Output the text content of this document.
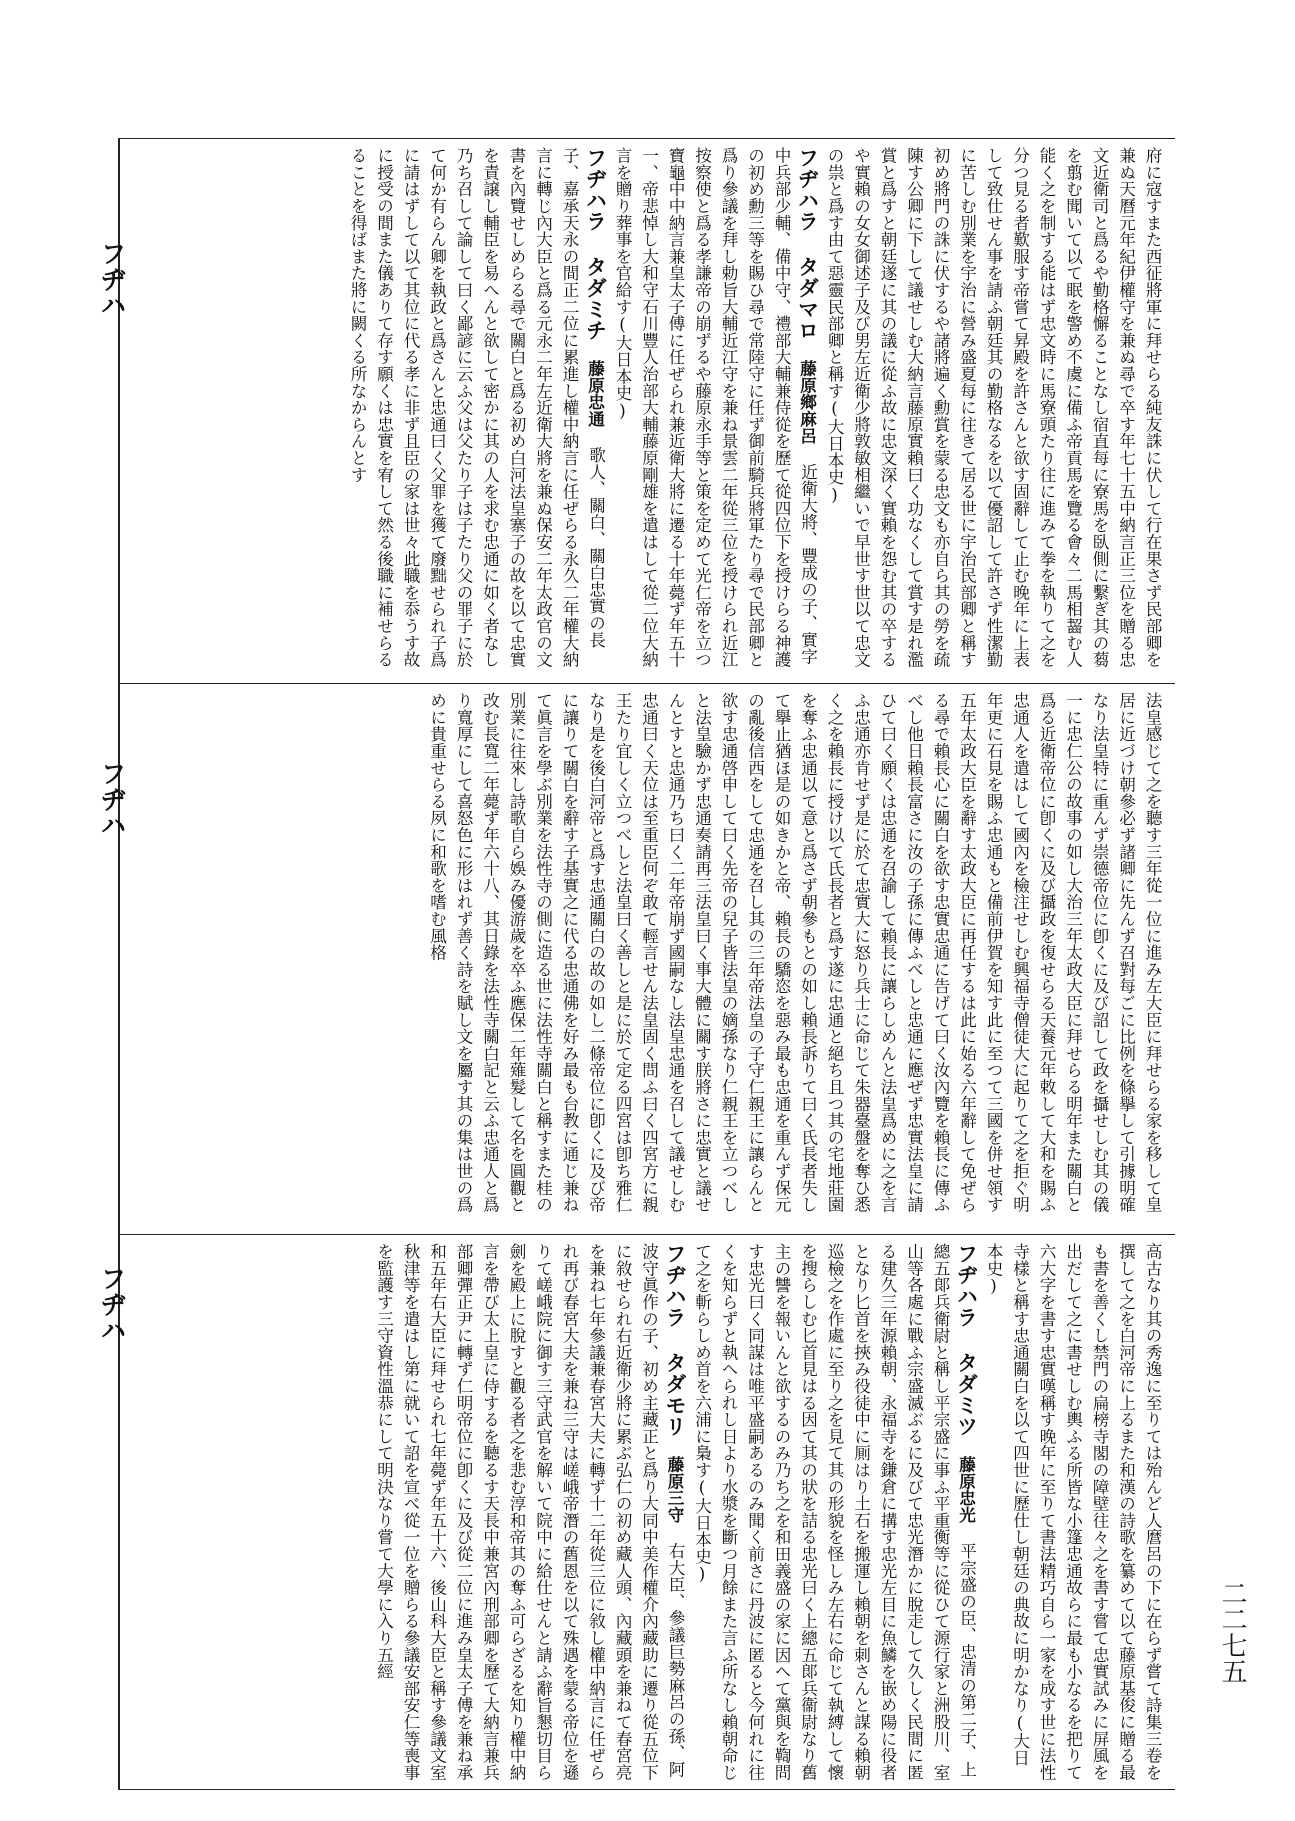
府に寇すまた西征將軍に拜せらる純友誅に伏して行在果さず民部卿を兼ぬ天曆元年紀伊權守を兼ぬ尋で卒す年七十五中納言正三位を贈る忠文近衛司と爲るや勤格懈ることなし宿直每に寮馬を臥側に繫ぎ其の蒭を翦む聞いて以て眠を警め不虞に備ふ帝貢馬を覽る會々二馬相齧む人能く之を制する能はず忠文時に馬寮頭たり往に進みて拳を執りて之を分つ見る者歎服す帝嘗て昇殿を許さんと欲す固辭して止む晚年に上表して致仕せん事を請ふ朝廷其の勤格なるを以て優詔して許さず性潔勤に苦しむ別業を宇治に營み盛夏每に往きて居る世に宇治民部卿と稱す初め將門の誅に伏するや諸將遍く勳賞を蒙る忠文も亦自ら其の勞を疏陳す公卿に下して議せしむ大納言藤原實賴曰く功なくして賞す是れ濫賞と爲すと朝廷遂に其の議に從ふ故に忠文深く實賴を怨む其の卒するや實賴の女女御述子及び男左近衛少將敦敏相繼いで早世す世以て忠文の祟と爲す由て惡靈民部卿と稱す(大日本史)

フヂハラ タダマロ 藤原鄉麻呂 近衛大將、豐成の子、實字中兵部少輔、備中守、禮部大輔兼侍從を歷て從四位下を授けらる神護の初め勳三等を賜ひ尋で常陸守に任ず御前騎兵將軍たり尋で民部卿と爲り參議を拜し勅旨大輔近江守を兼ね景雲二年從三位を授けられ近江按察使と爲る孝謙帝の崩ずるや藤原永手等と策を定めて光仁帝を立つ寶龜中中納言兼皇太子傅に任ぜられ兼近衛大將に遷る十年薨ず年五十一、帝悲悼し大和守石川豐人治部大輔藤原剛雄を遣はして從二位大納言を贈り葬事を官給す(大日本史)

フヂハラ タダミチ 藤原忠通 歌人、關白、關白忠實の長子、嘉承天永の間正二位に累進し權中納言に任ぜらる永久二年權大納言に轉じ內大臣と爲る元永二年左近衛大將を兼ぬ保安二年太政官の文書を內覽せしめらる尋で關白と爲る初め白河法皇寨子の故を以て忠實を責譲し輔臣を易へんと欲して密かに其の人を求む忠通に如く者なし乃ち召して論して曰く鄙諺に云ふ父は父たり子は子たり父の罪子に於て何か有らん卿を執政と爲さんと忠通曰く父罪を獲て廢黜せられ子爲に請はずして以て其位に代る孝に非ず且臣の家は世々此職を忝うす故に授受の間また儀ありて存す願くは忠實を宥して然る後職に補せらるることを得ばまた將に闕くる所なからんとす

法皇感じて之を聽す三年從一位に進み左大臣に拜せらる家を移して皇居に近づけ朝參必ず諸卿に先んず召對每ごに比例を條擧して引據明確なり法皇特に重んず崇德帝位に卽くに及び詔して政を攝せしむ其の儀一に忠仁公の故事の如し大治三年太政大臣に拜せらる明年また關白と爲る近衛帝位に卽くに及び攝政を復せらる天養元年敕して大和を賜ふ忠通人を遣はして國內を檢注せしむ興福寺僧徒大に起りて之を拒ぐ明年更に石見を賜ふ忠通もと備前伊賀を知す此に至つて三國を併せ領す五年太政大臣を辭す太政大臣に再任するは此に始る六年辭して免ぜらる尋で賴長心に關白を欲す忠實忠通に告げて曰く汝內覽を賴長に傳ふべし他日賴長富さに汝の子孫に傳ふべしと忠通に應ぜず忠實法皇に請ひて曰く願くは忠通を召諭して賴長に讓らしめんと法皇爲めに之を言ふ忠通亦肯せず是に於て忠實大に怒り兵士に命じて朱器臺盤を奪ひ悉く之を賴長に授け以て氏長者と爲す遂に忠通と絕ち且つ其の宅地莊園を奪ふ忠通以て意と爲さず朝參もとの如し賴長訴りて曰く氏長者失して擧止猶ほ是の如きかと帝、賴長の驕恣を惡み最も忠通を重んず保元の亂後信西をして忠通を召し其の三年帝法皇の子守仁親王に讓らんと欲す忠通啓申して曰く先帝の兒子皆法皇の嫡孫なり仁親王を立つべしと法皇驗かず忠通奏請再三法皇曰く事大體に關す朕將さに忠實と議せんとすと忠通乃ち曰く二年帝崩ず國嗣なし法皇忠通を召して議せしむ忠通曰く天位は至重臣何ぞ敢て輕言せん法皇固く問ふ曰く四宮方に親王たり宜しく立つべしと法皇曰く善しと是に於て定る四宮は卽ち雅仁なり是を後白河帝と爲す忠通關白の故の如し二條帝位に卽くに及び帝に讓りて關白を辭す子基實之に代る忠通佛を好み最も台教に通じ兼ねて眞言を學ぶ別業を法性寺の側に造る世に法性寺關白と稱すまた桂の別業に往來し詩歌自ら娛み優游歲を卒ふ應保二年薙髮して名を圓觀と改む長寬二年薨ず年六十八、其日錄を法性寺關白記と云ふ忠通人と爲り寬厚にして喜怒色に形はれず善く詩を賦し文を屬す其の集は世の爲めに貴重せらる夙に和歌を嗜む風格

高古なり其の秀逸に至りては殆んど人麿呂の下に在らず嘗て詩集三卷を撰して之を白河帝に上るまた和漢の詩歌を纂めて以て藤原基俊に贈る最も書を善くし禁門の扁榜寺閣の障壁往々之を書す嘗て忠實試みに屏風を出だして之に書せしむ輿ふる所皆な小篷忠通故らに最も小なるを把りて六大字を書す忠實嘆稱す晚年に至りて書法精巧自ら一家を成す世に法性寺樣と稱す忠通關白を以て四世に歷仕し朝廷の典故に明かなり(大日本史)

フヂハラ タダミツ 藤原忠光 平宗盛の臣、忠清の第二子、上總五郞兵衛尉と稱し平宗盛に事ふ平重衡等に從ひて源行家と洲股川、室山等各處に戰ふ宗盛滅ぶるに及びて忠光潛かに脫走して久しく民間に匿る建久三年源賴朝、永福寺を鎌倉に搆す忠光左目に魚鱗を嵌め陽に役者となり匕首を挾み役徒中に厠はり土石を搬運し賴朝を刺さんと謀る賴朝巡檢之を作處に至り之を見て其の形貌を怪しみ左右に命じて執縛して懷を搜らしむ匕首見はる因て其の狀を詰る忠光曰く上總五郞兵衞尉なり舊主の讐を報いんと欲するのみ乃ち之を和田義盛の家に因へて黨與を鞫問す忠光曰く同謀は唯平盛嗣あるのみ聞く前さに丹波に匿ると今何れに往くを知らずと執へられし日より水漿を斷つ月餘また言ふ所なし賴朝命じて之を斬らしめ首を六浦に梟す(大日本史)

フヂハラ タダモリ 藤原三守 右大臣、參議巨勢麻呂の孫、阿波守眞作の子、初め主藏正と爲り大同中美作權介內藏助に遷り從五位下に敘せられ右近衛少將に累ぶ弘仁の初め藏人頭、內藏頭を兼ねて春宮亮を兼ね七年參議兼春宮大夫に轉ず十二年從三位に敘し權中納言に任ぜられ再び春宮大夫を兼ね三守は嵯峨帝潛の舊恩を以て殊遇を蒙る帝位を遜りて嵯峨院に御す三守武官を解いて院中に給仕せんと請ふ辭旨懇切目ら劍を殿上に脫すと觀る者之を悲む淳和帝其の奪ふ可らざるを知り權中納言を帶び太上皇に侍するを聽るす天長中兼宮內刑部卿を歷て大納言兼兵部卿彈正尹に轉ず仁明帝位に卽くに及び從二位に進み皇太子傅を兼ね承和五年右大臣に拜せられ七年薨ず年五十六、後山科大臣と稱す參議文室秋津等を遣はし第に就いて詔を宣べ從一位を贈らる參議安部安仁等喪事を監護す三守資性溫恭にして明決なり嘗て大學に入り五經

フヂハ
フヂハ
フヂハ
二二七五
